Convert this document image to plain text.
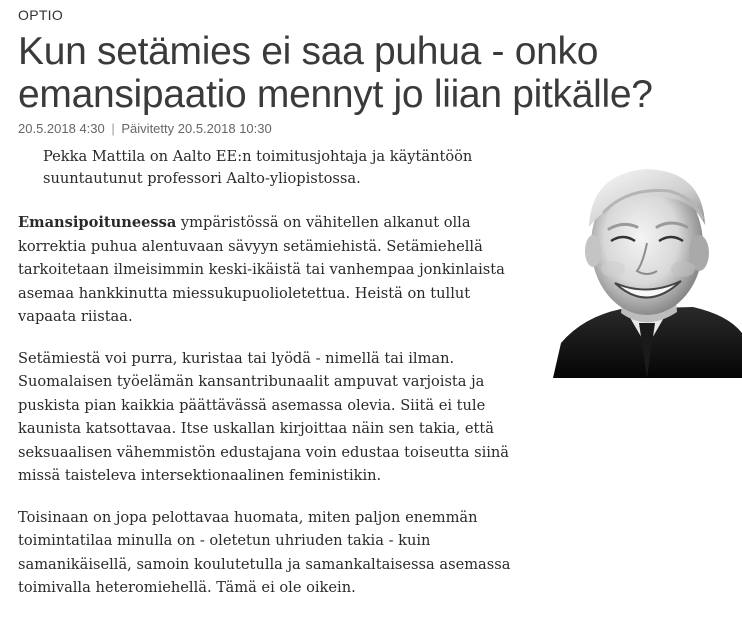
OPTIO
Kun setämies ei saa puhua - onko
emansipaatio mennyt jo liian pitkälle?
20.5.2018 4:30 | Päivitetty 20.5.2018 10:30
Pekka Mattila on Aalto EE:n toimitusjohtaja ja käytäntöön
suuntautunut professori Aalto-yliopistossa.

Emansipoituneessa ympäristössä on vähitellen alkanut olla
korrektia puhua alentuvaan sävyyn setämiehistä. Setämiehellä
tarkoitetaan ilmeisimmin keski-ikäistä tai vanhempaa jonkinlaista
asemaa hankkinutta miessukupuolioletettua. Heistä on tullut
vapaata riistaa.

Setämiestä voi purra, kuristaa tai lyödä - nimellä tai ilman.
Suomalaisen työelämän kansantribunaalit ampuvat varjoista ja
puskista pian kaikkia päättävässä asemassa olevia. Siitä ei tule
kaunista katsottavaa. Itse uskallan kirjoittaa näin sen takia, että
seksuaalisen vähemmistön edustajana voin edustaa toiseutta siinä
missä taisteleva intersektionaalinen feministikin.

Toisinaan on jopa pelottavaa huomata, miten paljon enemmän
toimintatilaa minulla on - oletetun uhriuden takia - kuin
samanikäisellä, samoin koulutetulla ja samankaltaisessa asemassa
toimivalla heteromiehellä. Tämä ei ole oikein.
